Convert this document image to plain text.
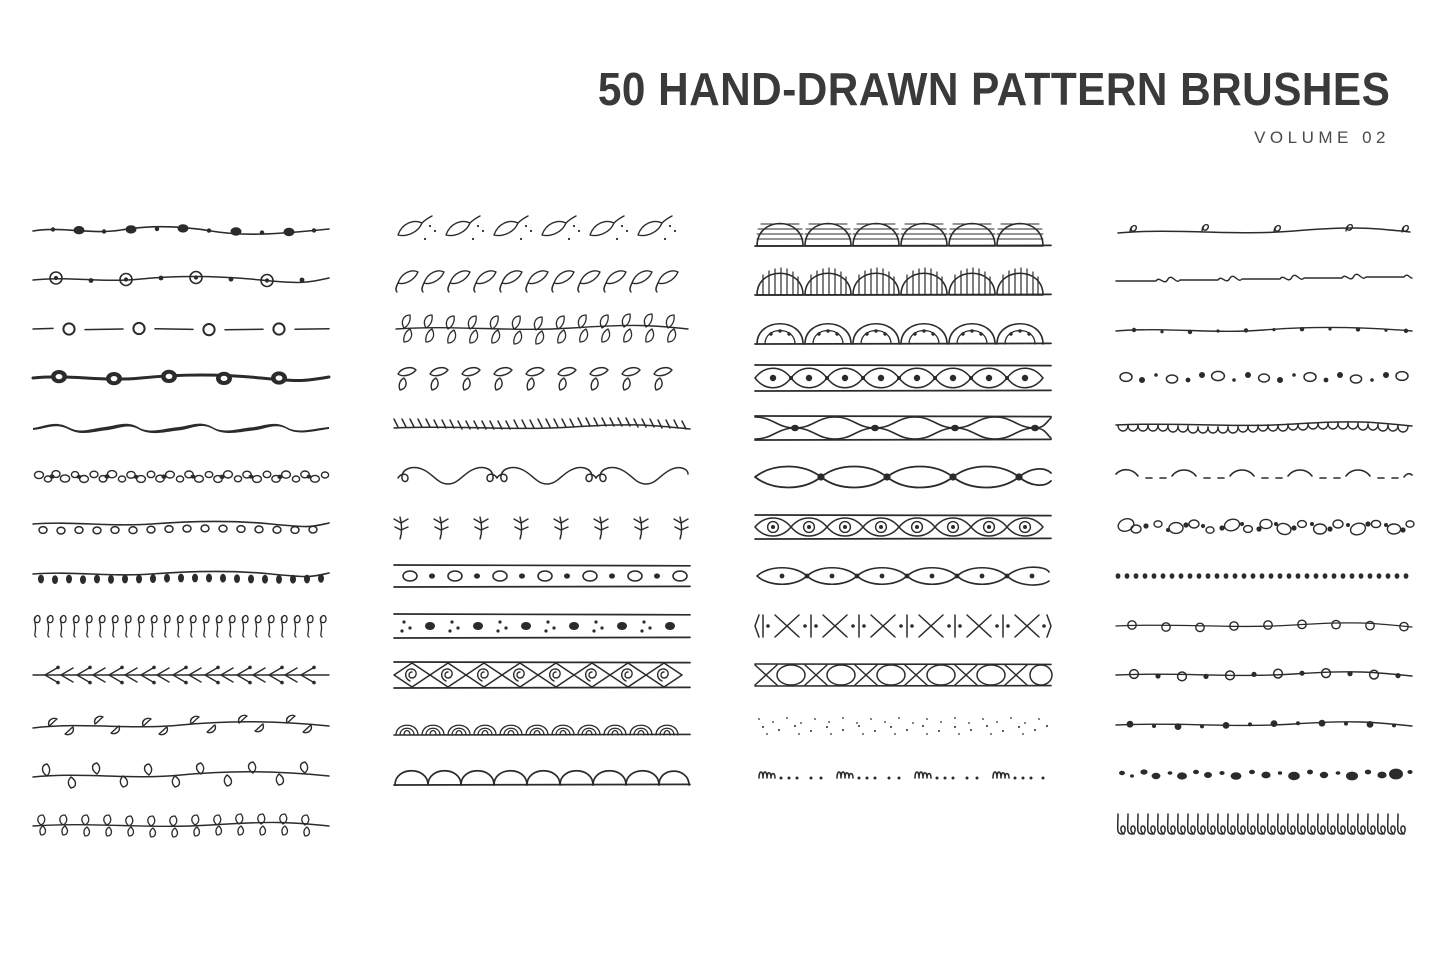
50 HAND-DRAWN PATTERN BRUSHES
VOLUME 02
